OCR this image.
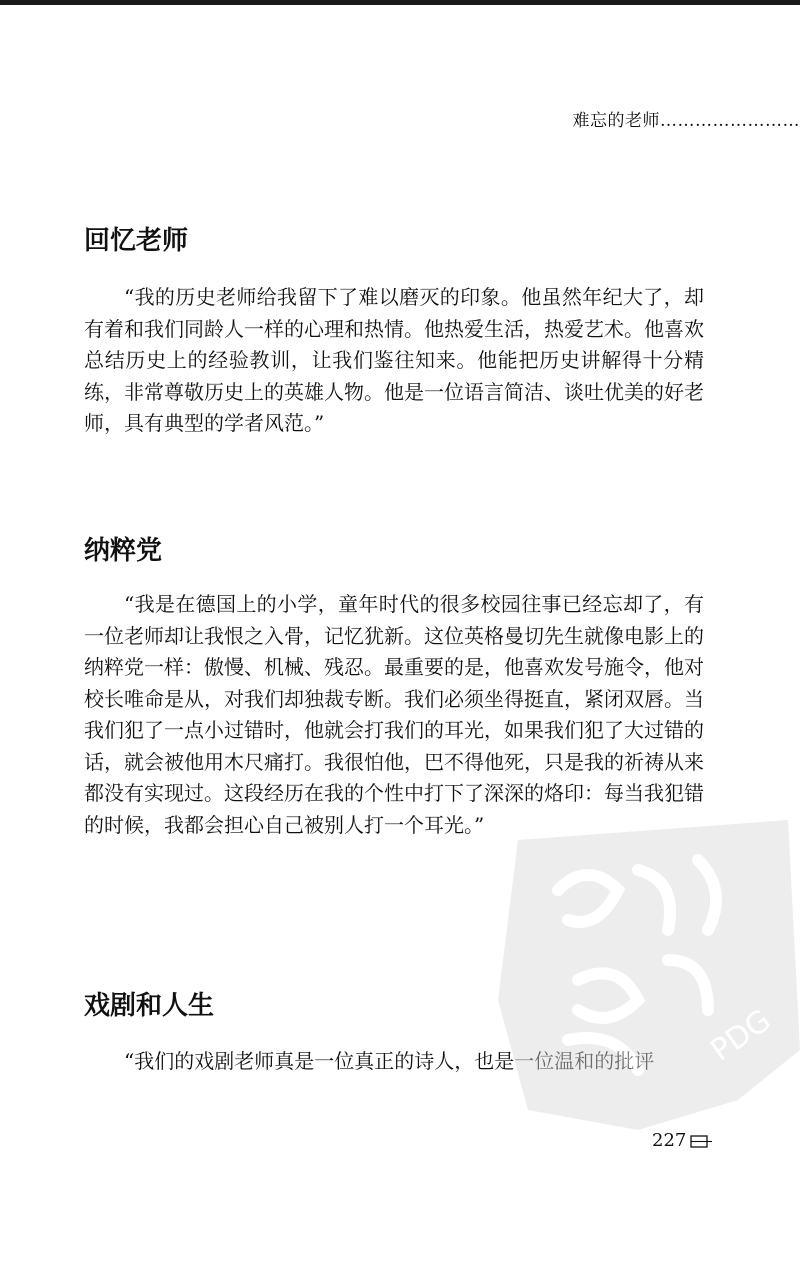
难忘的老师……………………
回忆老师

“我的历史老师给我留下了难以磨灭的印象。他虽然年纪大了，却有着和我们同龄人一样的心理和热情。他热爱生活，热爱艺术。他喜欢总结历史上的经验教训，让我们鉴往知来。他能把历史讲解得十分精练，非常尊敬历史上的英雄人物。他是一位语言简洁、谈吐优美的好老师，具有典型的学者风范。”

纳粹党

“我是在德国上的小学，童年时代的很多校园往事已经忘却了，有一位老师却让我恨之入骨，记忆犹新。这位英格曼切先生就像电影上的纳粹党一样：傲慢、机械、残忍。最重要的是，他喜欢发号施令，他对校长唯命是从，对我们却独裁专断。我们必须坐得挺直，紧闭双唇。当我们犯了一点小过错时，他就会打我们的耳光，如果我们犯了大过错的话，就会被他用木尺痛打。我很怕他，巴不得他死，只是我的祈祷从来都没有实现过。这段经历在我的个性中打下了深深的烙印：每当我犯错的时候，我都会担心自己被别人打一个耳光。”

戏剧和人生

“我们的戏剧老师真是一位真正的诗人，也是一位温和的批评	PDG
227
